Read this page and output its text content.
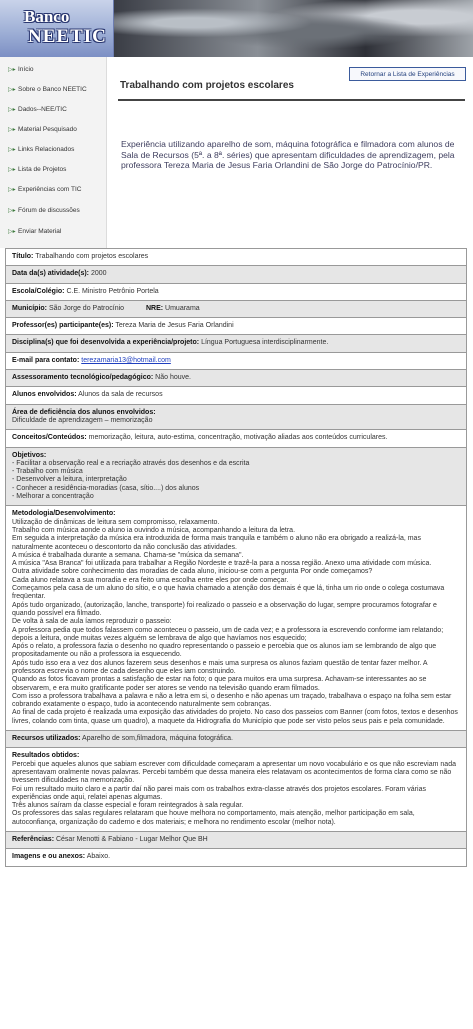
Banco
NEETIC
▷▸ Início
▷▸ Sobre o Banco NEETIC
▷▸ Dados--NEE/TIC
▷▸ Material Pesquisado
▷▸ Links Relacionados
▷▸ Lista de Projetos
▷▸ Experiências com TIC
▷▸ Fórum de discussões
▷▸ Enviar Material
Retornar a Lista de Experiências
Trabalhando com projetos escolares
Experiência utilizando aparelho de som, máquina fotográfica e filmadora com alunos de Sala de Recursos (5ª. a 8ª. séries) que apresentam dificuldades de aprendizagem, pela professora Tereza Maria de Jesus Faria Orlandini de São Jorge do Patrocínio/PR.
Título: Trabalhando com projetos escolares
Data da(s) atividade(s): 2000
Escola/Colégio: C.E. Ministro Petrônio Portela
Município: São Jorge do Patrocínio	NRE: Umuarama
Professor(es) participante(es): Tereza Maria de Jesus Faria Orlandini
Disciplina(s) que foi desenvolvida a experiência/projeto: Língua Portuguesa interdisciplinarmente.
E-mail para contato: terezamaria13@hotmail.com
Assessoramento tecnológico/pedagógico: Não houve.
Alunos envolvidos: Alunos da sala de recursos
Área de deficiência dos alunos envolvidos:
Dificuldade de aprendizagem – memorização
Conceitos/Conteúdos: memorização, leitura, auto-estima, concentração, motivação aliadas aos conteúdos curriculares.
Objetivos:
- Facilitar a observação real e a recriação através dos desenhos e da escrita
- Trabalho com música
- Desenvolver a leitura, interpretação
- Conhecer a residência-moradias (casa, sítio....) dos alunos
- Melhorar a concentração
Metodologia/Desenvolvimento:
Utilização de dinâmicas de leitura sem compromisso, relaxamento.
Trabalho com música aonde o aluno ia ouvindo a música, acompanhando a leitura da letra.
Em seguida a interpretação da música era introduzida de forma mais tranquila e também o aluno não era obrigado a realizá-la, mas naturalmente aconteceu o descontorto da não conclusão das atividades.
A música é trabalhada durante a semana. Chama-se "música da semana".
A música "Asa Branca" foi utilizada para trabalhar a Região Nordeste e trazê-la para a nossa região. Anexo uma atividade com música.
Outra atividade sobre conhecimento das moradias de cada aluno, iniciou-se com a pergunta Por onde começamos?
Cada aluno relatava a sua moradia e era feito uma escolha entre eles por onde começar.
Começamos pela casa de um aluno do sítio, e o que havia chamado a atenção dos demais é que lá, tinha um rio onde o colega costumava freqüentar.
Após tudo organizado, (autorização, lanche, transporte) foi realizado o passeio e a observação do lugar, sempre procuramos fotografar e quando possível era filmado.
De volta à sala de aula íamos reproduzir o passeio:
A professora pedia que todos falassem como aconteceu o passeio, um de cada vez; e a professora ia escrevendo conforme iam relatando; depois a leitura, onde muitas vezes alguém se lembrava de algo que havíamos nos esquecido;
Após o relato, a professora fazia o desenho no quadro representando o passeio e percebia que os alunos iam se lembrando de algo que propositadamente ou não a professora ia esquecendo.
Após tudo isso era a vez dos alunos fazerem seus desenhos e mais uma surpresa os alunos faziam questão de tentar fazer melhor. A professora escrevia o nome de cada desenho que eles iam construindo.
Quando as fotos ficavam prontas a satisfação de estar na foto; o que para muitos era uma surpresa. Achavam-se interessantes ao se observarem, e era muito gratificante poder ser atores se vendo na televisão quando eram filmados.
Com isso a professora trabalhava a palavra e não a letra em si, o desenho e não apenas um traçado, trabalhava o espaço na folha sem estar cobrando exatamente o espaço, tudo ia acontecendo naturalmente sem cobranças.
Ao final de cada projeto é realizada uma exposição das atividades do projeto. No caso dos passeios com Banner (com fotos, textos e desenhos livres, colando com tinta, quase um quadro), a maquete da Hidrografia do Município que pode ser visto pelos seus pais e pela comunidade.
Recursos utilizados: Aparelho de som,filmadora, máquina fotográfica.
Resultados obtidos:
Percebi que aqueles alunos que sabiam escrever com dificuldade começaram a apresentar um novo vocabulário e os que não escreviam nada apresentavam oralmente novas palavras. Percebi também que dessa maneira eles relatavam os acontecimentos de forma clara como se não tivessem dificuldades na memorização.
Foi um resultado muito claro e a partir daí não parei mais com os trabalhos extra-classe através dos projetos escolares. Foram várias experiências onde aqui, relatei apenas algumas.
Três alunos saíram da classe especial e foram reintegrados à sala regular.
Os professores das salas regulares relataram que houve melhora no comportamento, mais atenção, melhor participação em sala, autoconfiança, organização do caderno e dos materiais; e melhora no rendimento escolar (melhor nota).
Referências: César Menotti & Fabiano - Lugar Melhor Que BH
Imagens e ou anexos: Abaixo.
